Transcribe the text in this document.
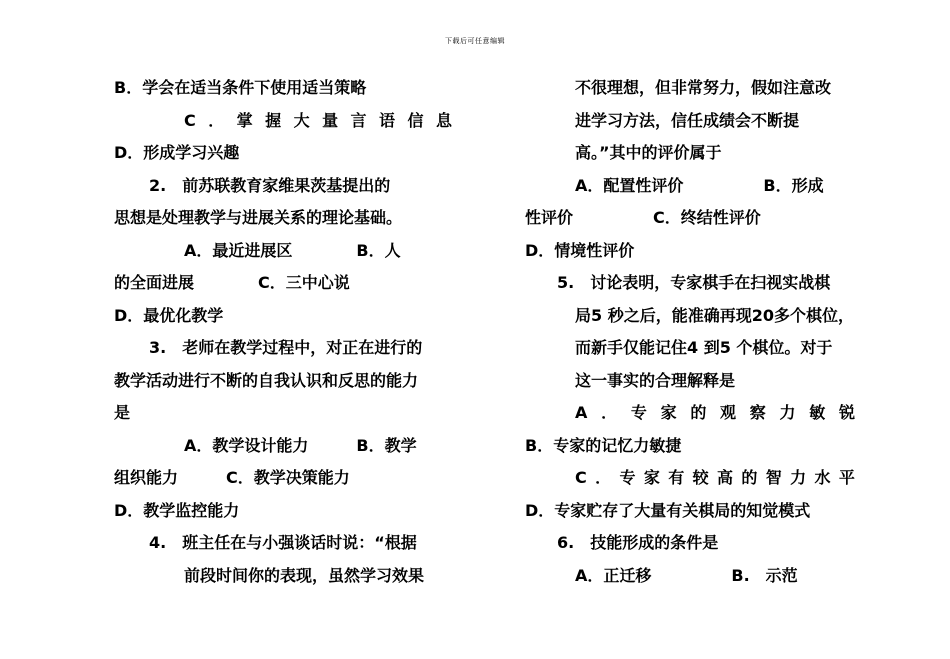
下载后可任意编辑
B．学会在适当条件下使用适当策略
C ． 掌 握 大 量 言 语 信 息
D．形成学习兴趣
2.　前苏联教育家维果茨基提出的
思想是处理教学与进展关系的理论基础。
A．最近进展区　　　　B．人
的全面进展　　　　C．三中心说
D．最优化教学
3.　老师在教学过程中，对正在进行的
教学活动进行不断的自我认识和反思的能力
是
A．教学设计能力　　　B．教学
组织能力　　　C．教学决策能力
D．教学监控能力
4.　班主任在与小强谈话时说：“根据
前段时间你的表现，虽然学习效果
不很理想，但非常努力，假如注意改
进学习方法，信任成绩会不断提
高。”其中的评价属于
A．配置性评价　　　　　B．形成
性评价　　　　　C．终结性评价
D．情境性评价
5.　讨论表明，专家棋手在扫视实战棋
局5 秒之后，能准确再现20多个棋位，
而新手仅能记住4 到5 个棋位。对于
这一事实的合理解释是
A ． 专 家 的 观 察 力 敏 锐
B．专家的记忆力敏捷
C ． 专 家 有 较 高 的 智 力 水 平
D．专家贮存了大量有关棋局的知觉模式
6.　技能形成的条件是
A．正迁移　　　　　B.　示范
